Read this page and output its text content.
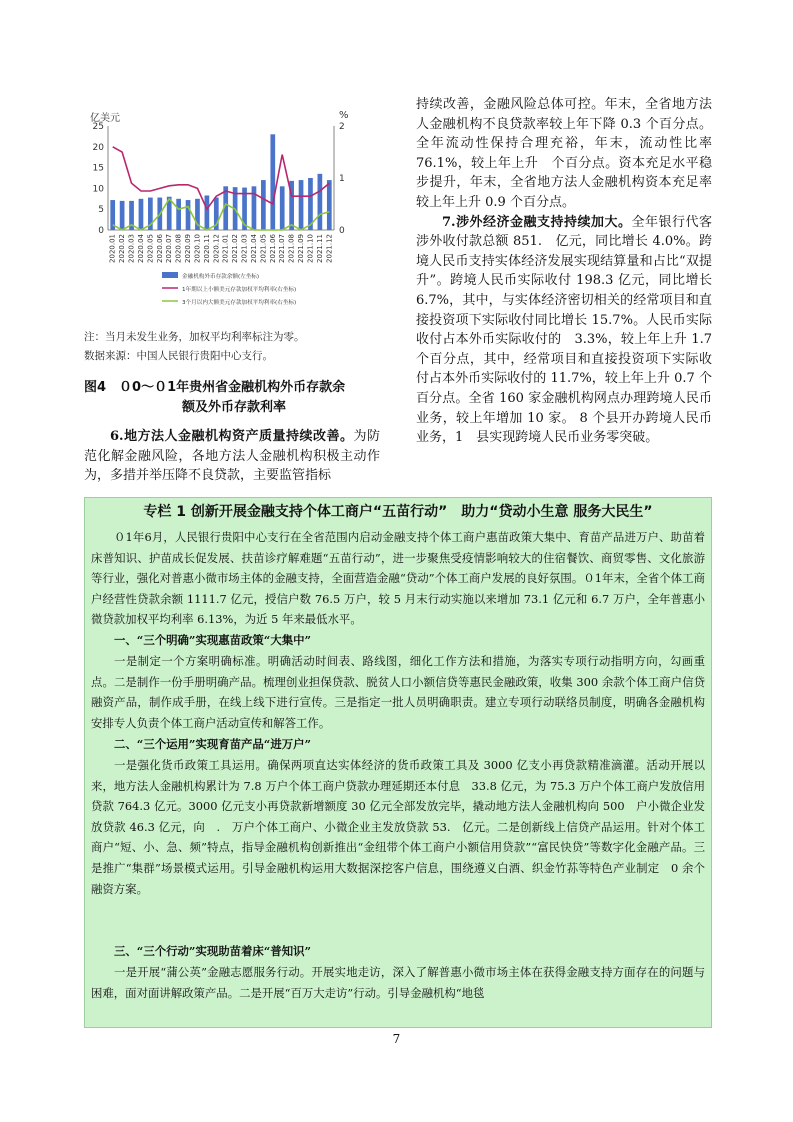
亿美元	%
0
5
10
15
20
25
0
1
2
2020.01 2020.02 2020.03 2020.04 2020.05 2020.06 2020.07 2020.08 2020.09 2020.10 2020.11 2020.12 2021.01 2021.02 2021.03 2021.04 2021.05 2021.06 2021.07 2021.08 2021.09 2021.10 2021.11 2021.12
金融机构外币存款余额(左坐标)
1年期以上小额美元存款加权平均利率(右坐标)
3个月以内大额美元存款加权平均利率(右坐标)
注：当月未发生业务，加权平均利率标注为零。
数据来源：中国人民银行贵阳中心支行。
图4　０0～０1年贵州省金融机构外币存款余
额及外币存款利率
6.地方法人金融机构资产质量持续改善。为防范化解金融风险，各地方法人金融机构积极主动作为，多措并举压降不良贷款，主要监管指标
持续改善，金融风险总体可控。年末，全省地方法人金融机构不良贷款率较上年下降 0.3 个百分点。全年流动性保持合理充裕，年末，流动性比率 76.1%，较上年上升　个百分点。资本充足水平稳步提升，年末，全省地方法人金融机构资本充足率较上年上升 0.9 个百分点。
7.涉外经济金融支持持续加大。全年银行代客涉外收付款总额 851.　亿元，同比增长 4.0%。跨境人民币支持实体经济发展实现结算量和占比“双提升”。跨境人民币实际收付 198.3 亿元，同比增长 6.7%，其中，与实体经济密切相关的经常项目和直接投资项下实际收付同比增长 15.7%。人民币实际收付占本外币实际收付的　3.3%，较上年上升 1.7 个百分点，其中，经常项目和直接投资项下实际收付占本外币实际收付的 11.7%，较上年上升 0.7 个百分点。全省 160 家金融机构网点办理跨境人民币业务，较上年增加 10 家。 8 个县开办跨境人民币业务，1　县实现跨境人民币业务零突破。
专栏 1 创新开展金融支持个体工商户“五苗行动”　助力“贷动小生意 服务大民生”
０1年6月，人民银行贵阳中心支行在全省范围内启动金融支持个体工商户惠苗政策大集中、育苗产品进万户、助苗着床普知识、护苗成长促发展、扶苗诊疗解难题“五苗行动”，进一步聚焦受疫情影响较大的住宿餐饮、商贸零售、文化旅游等行业，强化对普惠小微市场主体的金融支持，全面营造金融“贷动”个体工商户发展的良好氛围。０1年末，全省个体工商户经营性贷款余额 1111.7 亿元，授信户数 76.5 万户，较 5 月末行动实施以来增加 73.1 亿元和 6.7 万户，全年普惠小微贷款加权平均利率 6.13%，为近 5 年来最低水平。
一、“三个明确”实现惠苗政策“大集中”
一是制定一个方案明确标准。明确活动时间表、路线图，细化工作方法和措施，为落实专项行动指明方向，勾画重点。二是制作一份手册明确产品。梳理创业担保贷款、脱贫人口小额信贷等惠民金融政策，收集 300 余款个体工商户信贷融资产品，制作成手册，在线上线下进行宣传。三是指定一批人员明确职责。建立专项行动联络员制度，明确各金融机构安排专人负责个体工商户活动宣传和解答工作。
二、“三个运用”实现育苗产品“进万户”
一是强化货币政策工具运用。确保两项直达实体经济的货币政策工具及 3000 亿支小再贷款精准滴灌。活动开展以来，地方法人金融机构累计为 7.8 万户个体工商户贷款办理延期还本付息　33.8 亿元，为 75.3 万户个体工商户发放信用贷款 764.3 亿元。3000 亿元支小再贷款新增额度 30 亿元全部发放完毕，撬动地方法人金融机构向 500　户小微企业发放贷款 46.3 亿元，向　.　万户个体工商户、小微企业主发放贷款 53.　亿元。二是创新线上信贷产品运用。针对个体工商户“短、小、急、频”特点，指导金融机构创新推出“金纽带个体工商户小额信用贷款”“富民快贷”等数字化金融产品。三是推广“集群”场景模式运用。引导金融机构运用大数据深挖客户信息，围绕遵义白酒、织金竹荪等特色产业制定　0 余个融资方案。
三、“三个行动”实现助苗着床“普知识”
一是开展“蒲公英”金融志愿服务行动。开展实地走访，深入了解普惠小微市场主体在获得金融支持方面存在的问题与困难，面对面讲解政策产品。二是开展“百万大走访”行动。引导金融机构“地毯
7
